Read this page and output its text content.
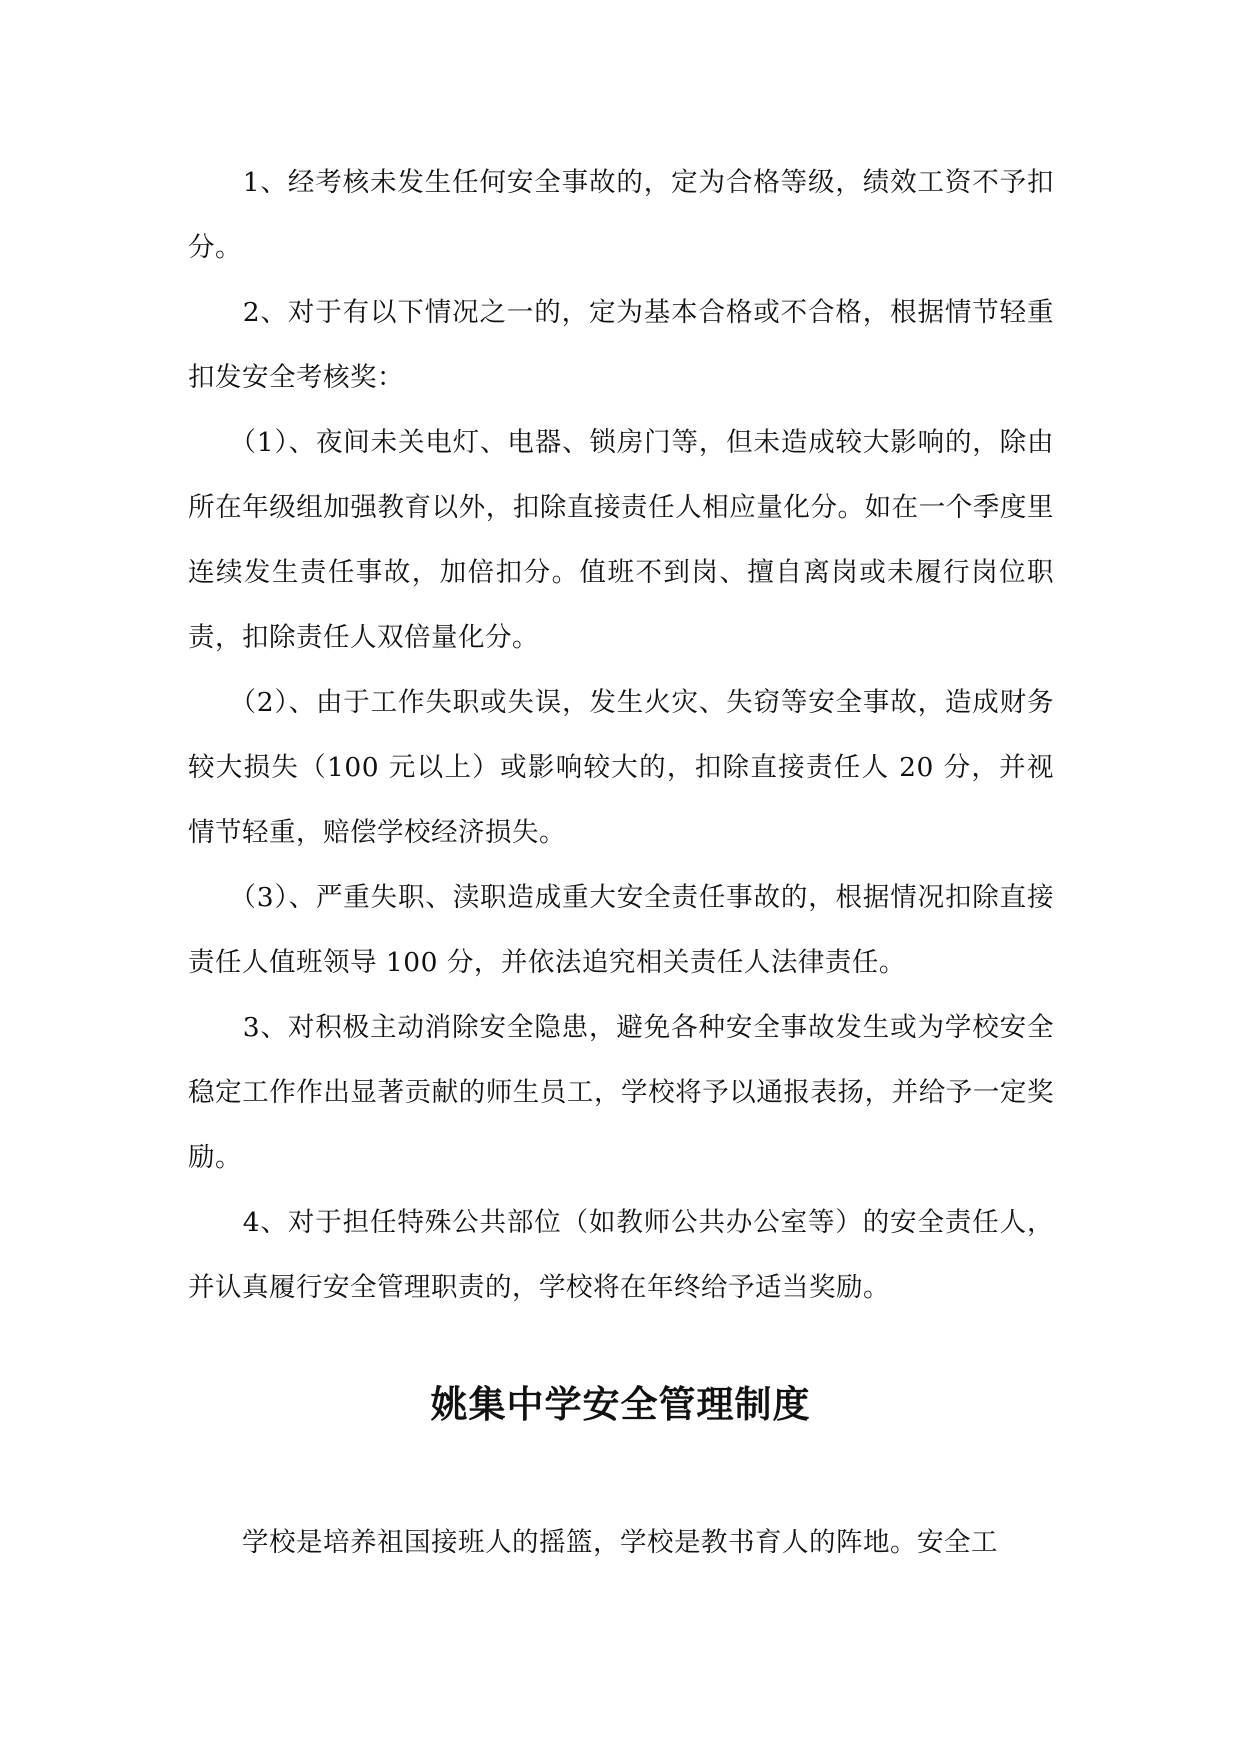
　　1、经考核未发生任何安全事故的，定为合格等级，绩效工资不予扣分。

　　2、对于有以下情况之一的，定为基本合格或不合格，根据情节轻重扣发安全考核奖：

　　（1）、夜间未关电灯、电器、锁房门等，但未造成较大影响的，除由所在年级组加强教育以外，扣除直接责任人相应量化分。如在一个季度里连续发生责任事故，加倍扣分。值班不到岗、擅自离岗或未履行岗位职责，扣除责任人双倍量化分。

　　（2）、由于工作失职或失误，发生火灾、失窃等安全事故，造成财务较大损失（100 元以上）或影响较大的，扣除直接责任人 20 分，并视情节轻重，赔偿学校经济损失。

　　（3）、严重失职、渎职造成重大安全责任事故的，根据情况扣除直接责任人值班领导 100 分，并依法追究相关责任人法律责任。

　　3、对积极主动消除安全隐患，避免各种安全事故发生或为学校安全稳定工作作出显著贡献的师生员工，学校将予以通报表扬，并给予一定奖励。

　　4、对于担任特殊公共部位（如教师公共办公室等）的安全责任人，并认真履行安全管理职责的，学校将在年终给予适当奖励。

姚集中学安全管理制度

　　学校是培养祖国接班人的摇篮，学校是教书育人的阵地。安全工
